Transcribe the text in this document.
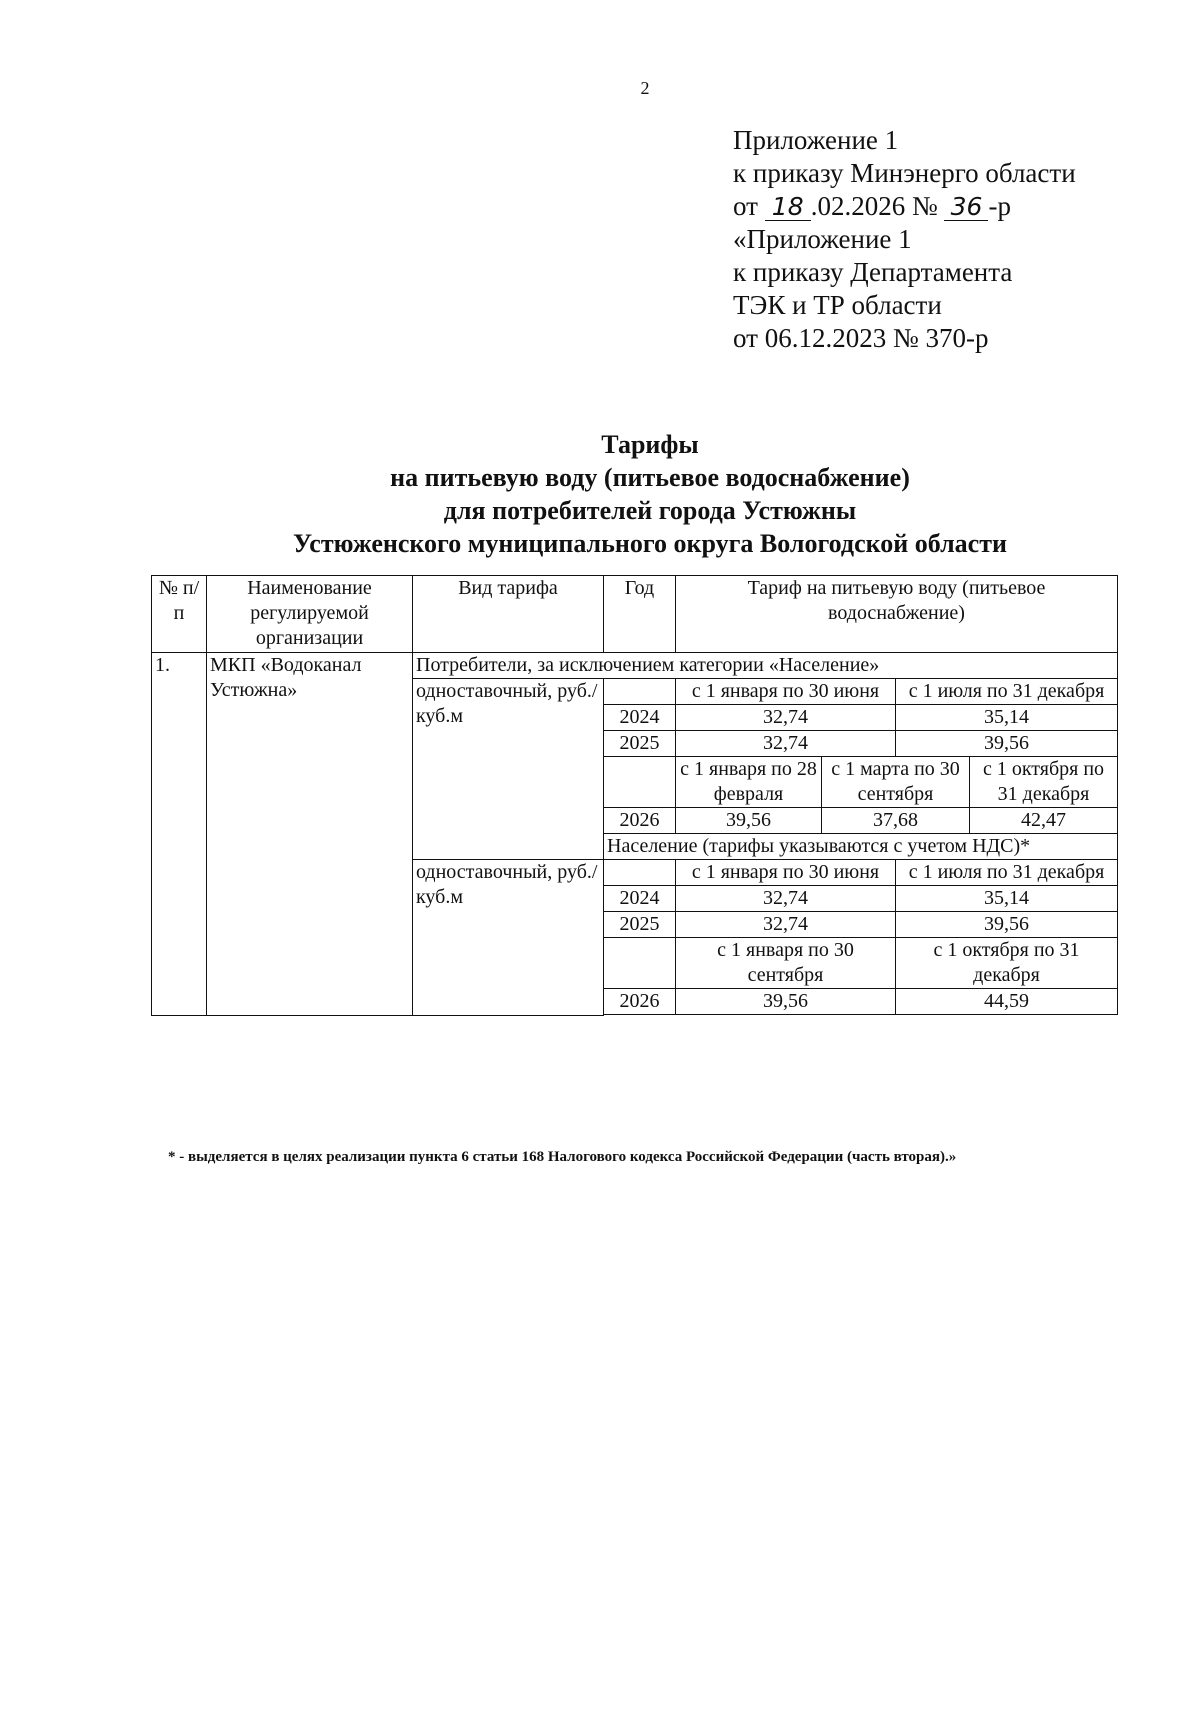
2
Приложение 1
к приказу Минэнерго области
от 18 .02.2026 № 36 -р
«Приложение 1
к приказу Департамента
ТЭК и ТР области
от 06.12.2023 № 370-р
Тарифы
на питьевую воду (питьевое водоснабжение)
для потребителей города Устюжны
Устюженского муниципального округа Вологодской области
№ п/п	Наименование регулируемой организации	Вид тарифа	Год	Тариф на питьевую воду (питьевое водоснабжение)			
1.	МКП «Водоканал Устюжна»	Потребители, за исключением категории «Население»					
		одноставочный, руб./куб.м		с 1 января по 30 июня		с 1 июля по 31 декабря	
			2024	32,74		35,14	
			2025	32,74		39,56	
				с 1 января по 28 февраля	с 1 марта по 30 сентября		с 1 октября по 31 декабря
			2026	39,56	37,68		42,47
			Население (тарифы указываются с учетом НДС)*				
		одноставочный, руб./куб.м		с 1 января по 30 июня		с 1 июля по 31 декабря	
			2024	32,74		35,14	
			2025	32,74		39,56	
				с 1 января по 30 сентября		с 1 октября по 31 декабря	
			2026	39,56		44,59	

* - выделяется в целях реализации пункта 6 статьи 168 Налогового кодекса Российской Федерации (часть вторая).»
